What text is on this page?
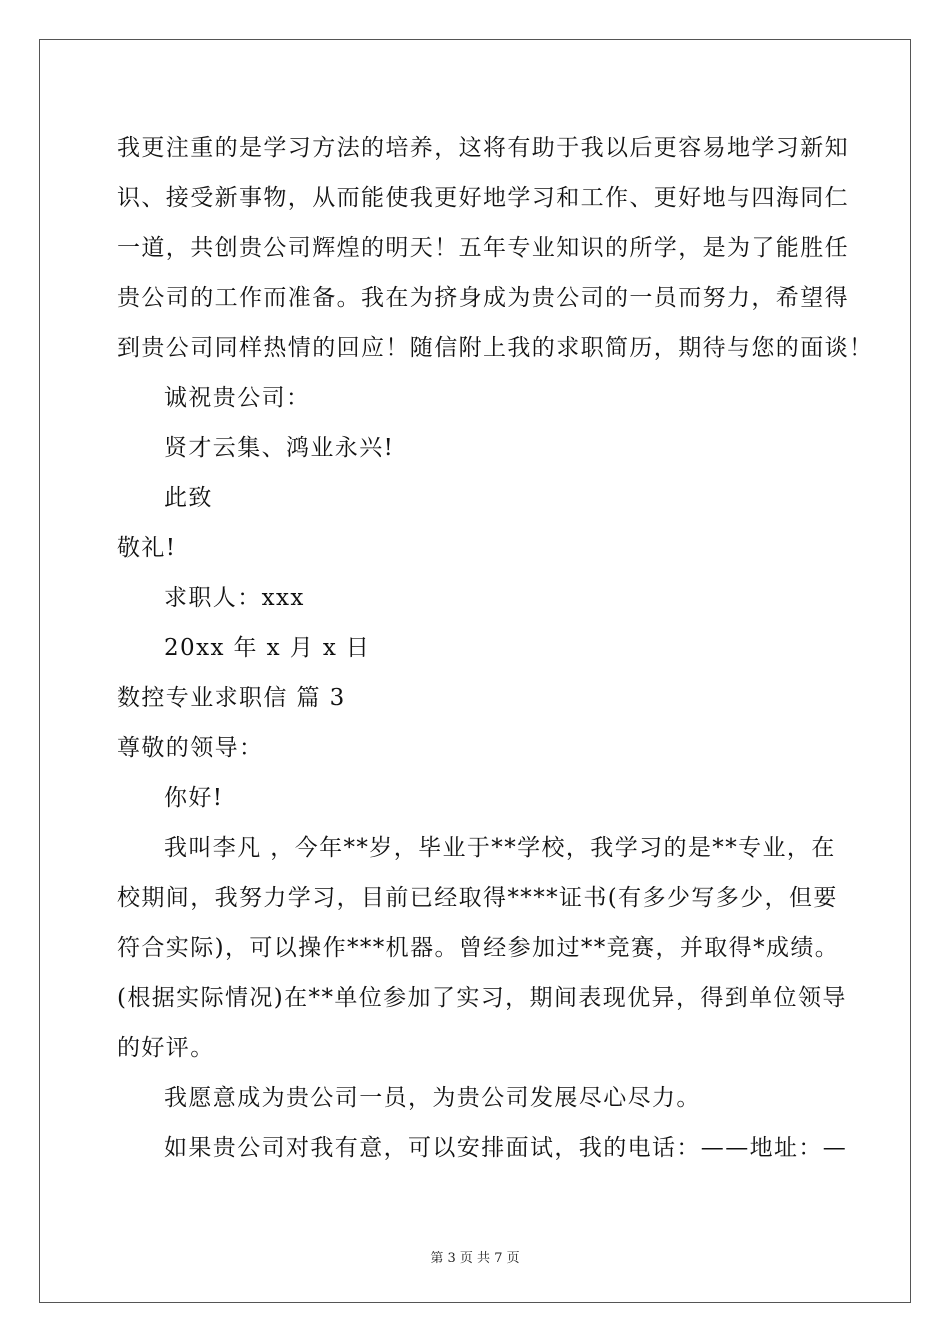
我更注重的是学习方法的培养，这将有助于我以后更容易地学习新知
识、接受新事物，从而能使我更好地学习和工作、更好地与四海同仁
一道，共创贵公司辉煌的明天！五年专业知识的所学，是为了能胜任
贵公司的工作而准备。我在为挤身成为贵公司的一员而努力，希望得
到贵公司同样热情的回应！随信附上我的求职简历，期待与您的面谈！
诚祝贵公司：
贤才云集、鸿业永兴!
此致
敬礼!
求职人：xxx
20xx 年 x 月 x 日
数控专业求职信 篇 3
尊敬的领导：
你好!
我叫李凡 ，今年**岁，毕业于**学校，我学习的是**专业，在
校期间，我努力学习，目前已经取得****证书(有多少写多少，但要
符合实际)，可以操作***机器。曾经参加过**竞赛，并取得*成绩。
(根据实际情况)在**单位参加了实习，期间表现优异，得到单位领导
的好评。
我愿意成为贵公司一员，为贵公司发展尽心尽力。
如果贵公司对我有意，可以安排面试，我的电话：——地址：—
第 3 页 共 7 页
